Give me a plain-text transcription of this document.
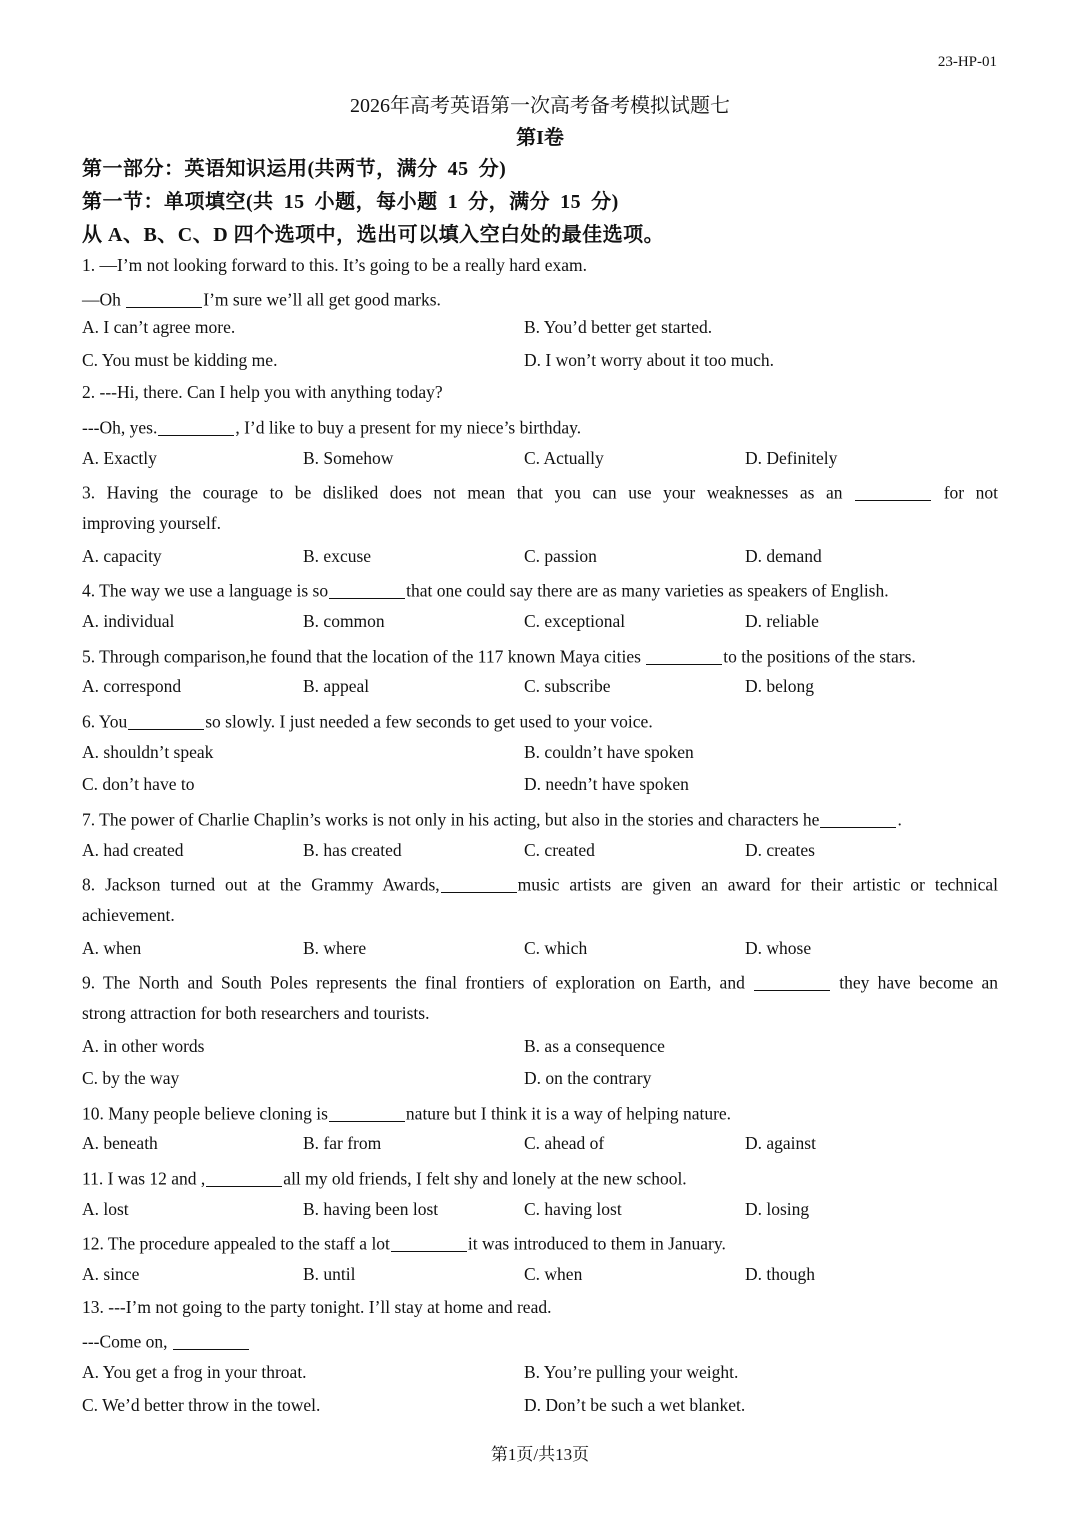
23-HP-01
2026年高考英语第一次高考备考模拟试题七
第I卷
第一部分：英语知识运用(共两节，满分 45 分)
第一节：单项填空(共 15 小题，每小题 1 分，满分 15 分)
从 A、B、C、D 四个选项中，选出可以填入空白处的最佳选项。
1. —I’m not looking forward to this. It’s going to be a really hard exam.
—Oh	I’m sure we’ll all get good marks.
A. I can’t agree more.	B. You’d better get started.
C. You must be kidding me.	D. I won’t worry about it too much.
2. ---Hi, there. Can I help you with anything today?
---Oh, yes.	, I’d like to buy a present for my niece’s birthday.
A. Exactly	B. Somehow	C. Actually	D. Definitely
3. Having the courage to be disliked does not mean that you can use your weaknesses as an	for not
improving yourself.
A. capacity	B. excuse	C. passion	D. demand
4. The way we use a language is so	that one could say there are as many varieties as speakers of English.
A. individual	B. common	C. exceptional	D. reliable
5. Through comparison,he found that the location of the 117 known Maya cities	to the positions of the stars.
A. correspond	B. appeal	C. subscribe	D. belong
6. You	so slowly. I just needed a few seconds to get used to your voice.
A. shouldn’t speak	B. couldn’t have spoken
C. don’t have to	D. needn’t have spoken
7. The power of Charlie Chaplin’s works is not only in his acting, but also in the stories and characters he	.
A. had created	B. has created	C. created	D. creates
8. Jackson turned out at the Grammy Awards,	music artists are given an award for their artistic or technical
achievement.
A. when	B. where	C. which	D. whose
9. The North and South Poles represents the final frontiers of exploration on Earth, and	they have become an
strong attraction for both researchers and tourists.
A. in other words	B. as a consequence
C. by the way	D. on the contrary
10. Many people believe cloning is	nature but I think it is a way of helping nature.
A. beneath	B. far from	C. ahead of	D. against
11. I was 12 and ,	all my old friends, I felt shy and lonely at the new school.
A. lost	B. having been lost	C. having lost	D. losing
12. The procedure appealed to the staff a lot	it was introduced to them in January.
A. since	B. until	C. when	D. though
13. ---I’m not going to the party tonight. I’ll stay at home and read.
---Come on,
A. You get a frog in your throat.	B. You’re pulling your weight.
C. We’d better throw in the towel.	D. Don’t be such a wet blanket.
第1页/共13页
